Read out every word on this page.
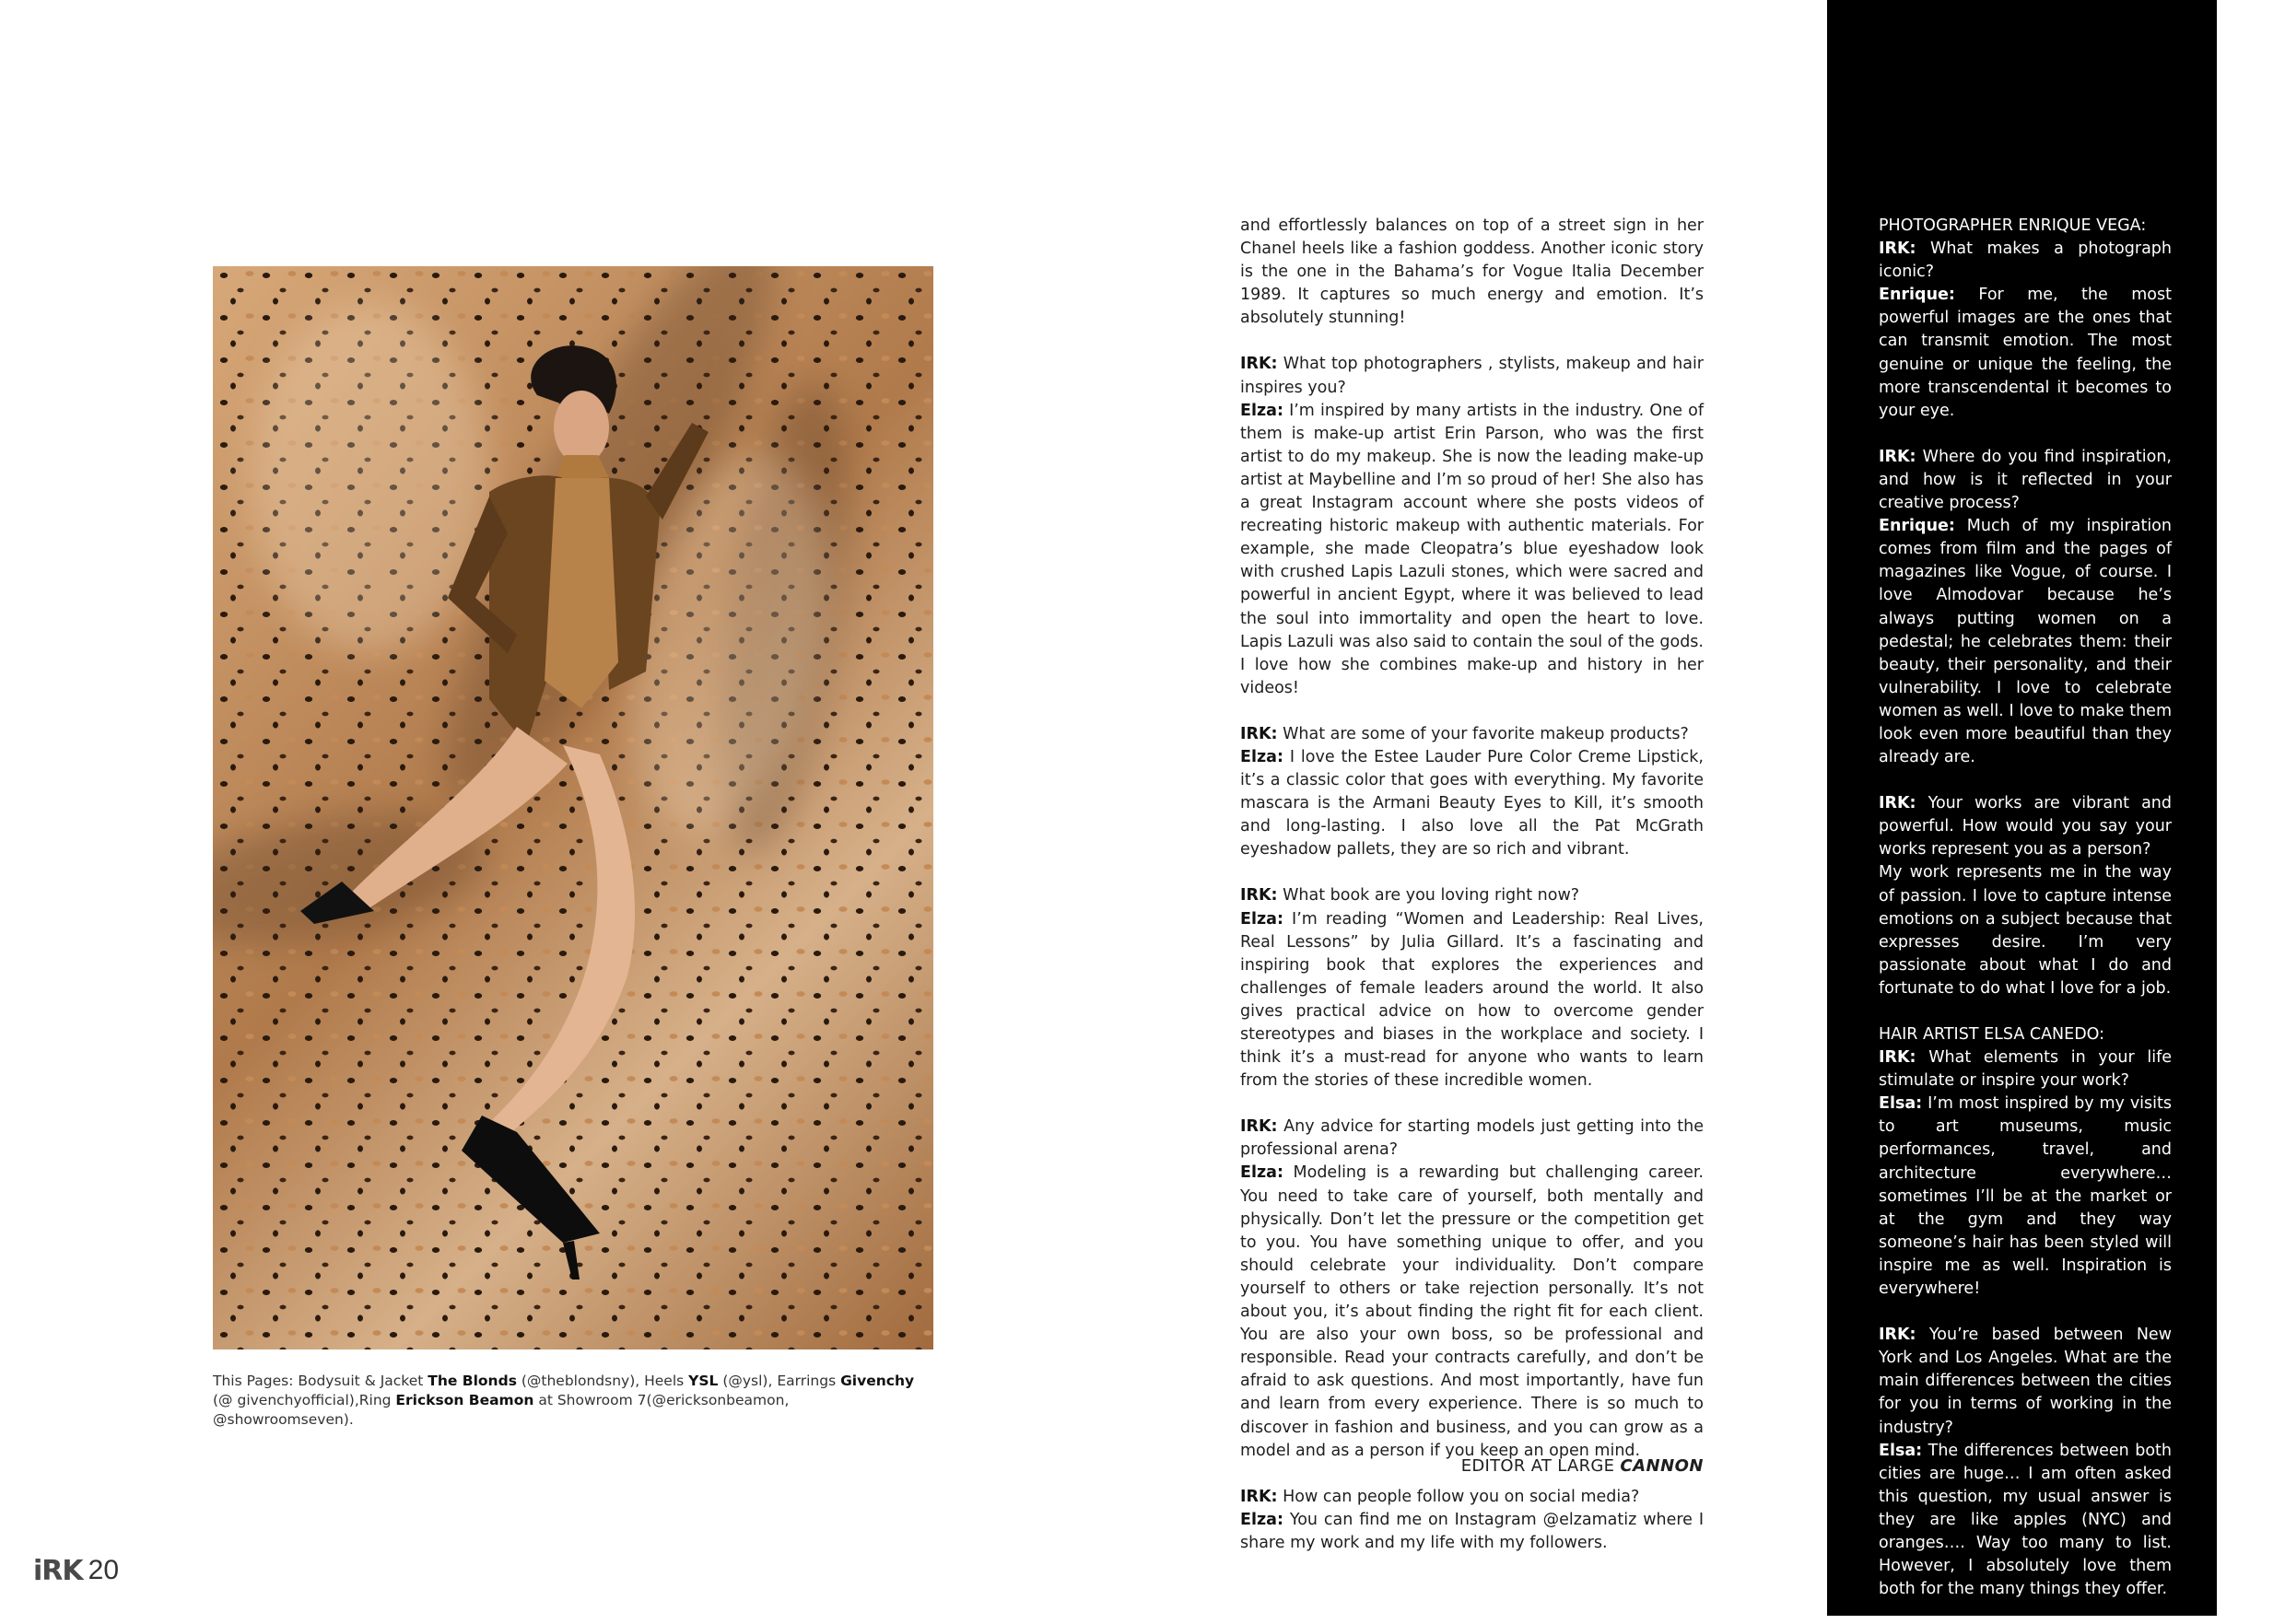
This Pages: Bodysuit & Jacket The Blonds (@theblondsny), Heels YSL (@ysl), Earrings Givenchy (@ givenchyofficial),Ring Erickson Beamon at Showroom 7(@ericksonbeamon, @showroomseven).

and effortlessly balances on top of a street sign in her Chanel heels like a fashion goddess. Another iconic story is the one in the Bahama’s for Vogue Italia December 1989. It captures so much energy and emotion. It’s absolutely stunning!

IRK: What top photographers , stylists, makeup and hair inspires you?
Elza: I’m inspired by many artists in the industry. One of them is make-up artist Erin Parson, who was the first artist to do my makeup. She is now the leading make-up artist at Maybelline and I’m so proud of her! She also has a great Instagram account where she posts videos of recreating historic makeup with authentic materials. For example, she made Cleopatra’s blue eyeshadow look with crushed Lapis Lazuli stones, which were sacred and powerful in ancient Egypt, where it was believed to lead the soul into immortality and open the heart to love. Lapis Lazuli was also said to contain the soul of the gods. I love how she combines make-up and history in her videos!

IRK: What are some of your favorite makeup products?
Elza: I love the Estee Lauder Pure Color Creme Lipstick, it’s a classic color that goes with everything. My favorite mascara is the Armani Beauty Eyes to Kill, it’s smooth and long-lasting. I also love all the Pat McGrath eyeshadow pallets, they are so rich and vibrant.

IRK: What book are you loving right now?
Elza: I’m reading “Women and Leadership: Real Lives, Real Lessons” by Julia Gillard. It’s a fascinating and inspiring book that explores the experiences and challenges of female leaders around the world. It also gives practical advice on how to overcome gender stereotypes and biases in the workplace and society. I think it’s a must-read for anyone who wants to learn from the stories of these incredible women.

IRK: Any advice for starting models just getting into the professional arena?
Elza: Modeling is a rewarding but challenging career. You need to take care of yourself, both mentally and physically. Don’t let the pressure or the competition get to you. You have something unique to offer, and you should celebrate your individuality. Don’t compare yourself to others or take rejection personally. It’s not about you, it’s about finding the right fit for each client. You are also your own boss, so be professional and responsible. Read your contracts carefully, and don’t be afraid to ask questions. And most importantly, have fun and learn from every experience. There is so much to discover in fashion and business, and you can grow as a model and as a person if you keep an open mind.

IRK: How can people follow you on social media?
Elza: You can find me on Instagram @elzamatiz where I share my work and my life with my followers.

EDITOR AT LARGE CANNON

PHOTOGRAPHER ENRIQUE VEGA:
IRK: What makes a photograph iconic?
Enrique: For me, the most powerful images are the ones that can transmit emotion. The most genuine or unique the feeling, the more transcendental it becomes to your eye.

IRK: Where do you find inspiration, and how is it reflected in your creative process?
Enrique: Much of my inspiration comes from film and the pages of magazines like Vogue, of course. I love Almodovar because he’s always putting women on a pedestal; he celebrates them: their beauty, their personality, and their vulnerability. I love to celebrate women as well. I love to make them look even more beautiful than they already are.

IRK: Your works are vibrant and powerful. How would you say your works represent you as a person?
My work represents me in the way of passion. I love to capture intense emotions on a subject because that expresses desire. I’m very passionate about what I do and fortunate to do what I love for a job.

HAIR ARTIST ELSA CANEDO:
IRK: What elements in your life stimulate or inspire your work?
Elsa: I’m most inspired by my visits to art museums, music performances, travel, and architecture everywhere… sometimes I’ll be at the market or at the gym and they way someone’s hair has been styled will inspire me as well. Inspiration is everywhere!

IRK: You’re based between New York and Los Angeles. What are the main differences between the cities for you in terms of working in the industry?
Elsa: The differences between both cities are huge… I am often asked this question, my usual answer is they are like apples (NYC) and oranges…. Way too many to list. However, I absolutely love them both for the many things they offer.

iRK 20
